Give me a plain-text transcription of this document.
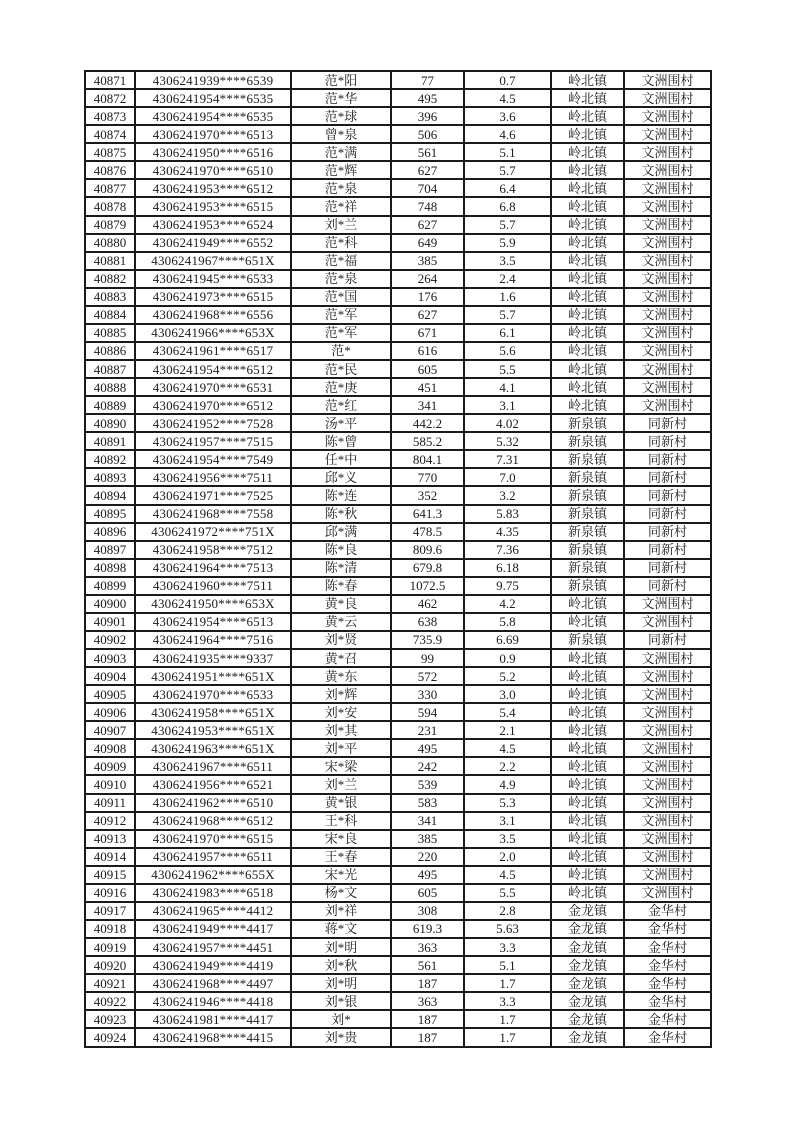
40871	4306241939****6539	范*阳	77	0.7	岭北镇	文洲围村
40872	4306241954****6535	范*华	495	4.5	岭北镇	文洲围村
40873	4306241954****6535	范*球	396	3.6	岭北镇	文洲围村
40874	4306241970****6513	曾*泉	506	4.6	岭北镇	文洲围村
40875	4306241950****6516	范*满	561	5.1	岭北镇	文洲围村
40876	4306241970****6510	范*辉	627	5.7	岭北镇	文洲围村
40877	4306241953****6512	范*泉	704	6.4	岭北镇	文洲围村
40878	4306241953****6515	范*祥	748	6.8	岭北镇	文洲围村
40879	4306241953****6524	刘*兰	627	5.7	岭北镇	文洲围村
40880	4306241949****6552	范*科	649	5.9	岭北镇	文洲围村
40881	4306241967****651X	范*福	385	3.5	岭北镇	文洲围村
40882	4306241945****6533	范*泉	264	2.4	岭北镇	文洲围村
40883	4306241973****6515	范*国	176	1.6	岭北镇	文洲围村
40884	4306241968****6556	范*军	627	5.7	岭北镇	文洲围村
40885	4306241966****653X	范*军	671	6.1	岭北镇	文洲围村
40886	4306241961****6517	范*	616	5.6	岭北镇	文洲围村
40887	4306241954****6512	范*民	605	5.5	岭北镇	文洲围村
40888	4306241970****6531	范*庚	451	4.1	岭北镇	文洲围村
40889	4306241970****6512	范*红	341	3.1	岭北镇	文洲围村
40890	4306241952****7528	汤*平	442.2	4.02	新泉镇	同新村
40891	4306241957****7515	陈*曾	585.2	5.32	新泉镇	同新村
40892	4306241954****7549	任*中	804.1	7.31	新泉镇	同新村
40893	4306241956****7511	邱*义	770	7.0	新泉镇	同新村
40894	4306241971****7525	陈*连	352	3.2	新泉镇	同新村
40895	4306241968****7558	陈*秋	641.3	5.83	新泉镇	同新村
40896	4306241972****751X	邱*满	478.5	4.35	新泉镇	同新村
40897	4306241958****7512	陈*良	809.6	7.36	新泉镇	同新村
40898	4306241964****7513	陈*清	679.8	6.18	新泉镇	同新村
40899	4306241960****7511	陈*春	1072.5	9.75	新泉镇	同新村
40900	4306241950****653X	黄*良	462	4.2	岭北镇	文洲围村
40901	4306241954****6513	黄*云	638	5.8	岭北镇	文洲围村
40902	4306241964****7516	刘*贤	735.9	6.69	新泉镇	同新村
40903	4306241935****9337	黄*召	99	0.9	岭北镇	文洲围村
40904	4306241951****651X	黄*东	572	5.2	岭北镇	文洲围村
40905	4306241970****6533	刘*辉	330	3.0	岭北镇	文洲围村
40906	4306241958****651X	刘*安	594	5.4	岭北镇	文洲围村
40907	4306241953****651X	刘*其	231	2.1	岭北镇	文洲围村
40908	4306241963****651X	刘*平	495	4.5	岭北镇	文洲围村
40909	4306241967****6511	宋*梁	242	2.2	岭北镇	文洲围村
40910	4306241956****6521	刘*兰	539	4.9	岭北镇	文洲围村
40911	4306241962****6510	黄*银	583	5.3	岭北镇	文洲围村
40912	4306241968****6512	王*科	341	3.1	岭北镇	文洲围村
40913	4306241970****6515	宋*良	385	3.5	岭北镇	文洲围村
40914	4306241957****6511	王*春	220	2.0	岭北镇	文洲围村
40915	4306241962****655X	宋*光	495	4.5	岭北镇	文洲围村
40916	4306241983****6518	杨*文	605	5.5	岭北镇	文洲围村
40917	4306241965****4412	刘*祥	308	2.8	金龙镇	金华村
40918	4306241949****4417	蒋*文	619.3	5.63	金龙镇	金华村
40919	4306241957****4451	刘*明	363	3.3	金龙镇	金华村
40920	4306241949****4419	刘*秋	561	5.1	金龙镇	金华村
40921	4306241968****4497	刘*明	187	1.7	金龙镇	金华村
40922	4306241946****4418	刘*银	363	3.3	金龙镇	金华村
40923	4306241981****4417	刘*	187	1.7	金龙镇	金华村
40924	4306241968****4415	刘*贵	187	1.7	金龙镇	金华村
